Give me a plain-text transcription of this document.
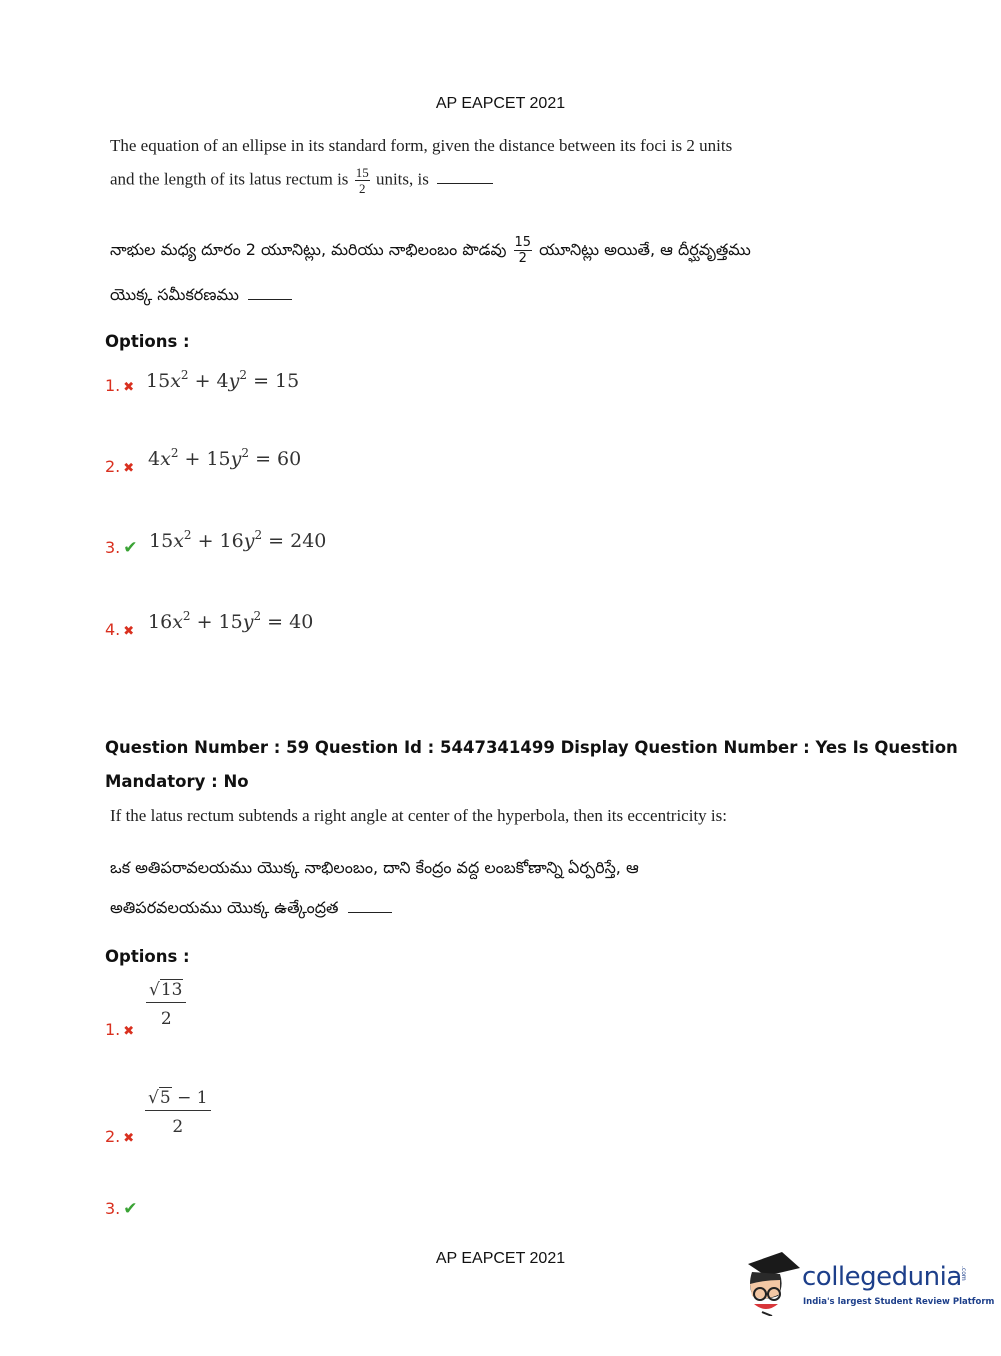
AP EAPCET 2021
The equation of an ellipse in its standard form, given the distance between its foci is 2 units
and the length of its latus rectum is $\frac{15}{2}$ units, is
నాభుల మధ్య దూరం 2 యూనిట్లు, మరియు నాభిలంబం పొడవు $\frac{15}{2}$ యూనిట్లు అయితే, ఆ దీర్ఘవృత్తము
యొక్క సమీకరణము
Options :
1. ✖ $15x^2 + 4y^2 = 15$
2. ✖ $4x^2 + 15y^2 = 60$
3. ✔ $15x^2 + 16y^2 = 240$
4. ✖ $16x^2 + 15y^2 = 40$
Question Number : 59 Question Id : 5447341499 Display Question Number : Yes Is Question
Mandatory : No
If the latus rectum subtends a right angle at center of the hyperbola, then its eccentricity is:
ఒక అతిపరావలయము యొక్క నాభిలంబం, దాని కేంద్రం వద్ద లంబకోణాన్ని ఏర్పరిస్తే, ఆ
అతిపరవలయము యొక్క ఉత్కేంద్రత
Options :
1. ✖
$\frac{√13}{2}$
2. ✖
$\frac{√5 - 1}{2}$
3. ✔
AP EAPCET 2021
collegedunia
.com
India's largest Student Review Platform
